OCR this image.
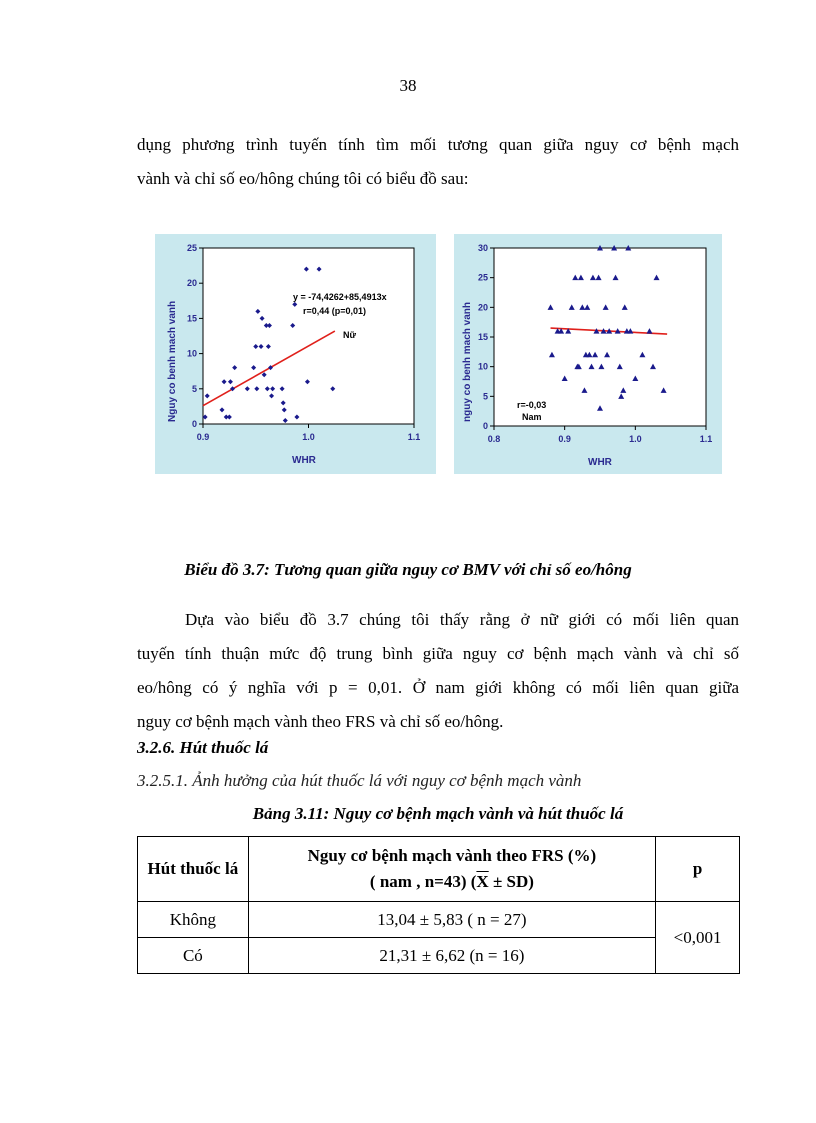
38
dụng phương trình tuyến tính tìm mối tương quan giữa nguy cơ bệnh mạch
vành và chỉ số eo/hông chúng tôi có biểu đồ sau:
0.9	1.0	1.1
0
5
10
15
20
25
WHR
Nguy co benh mach vanh
y = -74,4262+85,4913x
r=0,44 (p=0,01)
Nữ
0.8	0.9	1.0	1.1
0
5
10
15
20
25
30
WHR
nguy co benh mach vanh	r=-0,03
Nam
Biểu đồ 3.7: Tương quan giữa nguy cơ BMV với chỉ số eo/hông
Dựa vào biểu đồ 3.7 chúng tôi thấy rằng ở nữ giới có mối liên quan
tuyến tính thuận mức độ trung bình giữa nguy cơ bệnh mạch vành và chỉ số
eo/hông có ý nghĩa với p = 0,01. Ở nam giới không có mối liên quan giữa
nguy cơ bệnh mạch vành theo FRS và chỉ số eo/hông.
3.2.6. Hút thuốc lá
3.2.5.1. Ảnh hưởng của hút thuốc lá với nguy cơ bệnh mạch vành
Bảng 3.11: Nguy cơ bệnh mạch vành và hút thuốc lá
Hút thuốc lá	Nguy cơ bệnh mạch vành theo FRS (%)
( nam , n=43) $(\overline{X} \pm SD)$	p
Không	13,04 ± 5,83 ( n = 27)	<0,001
Có	21,31 ± 6,62 (n = 16)	
